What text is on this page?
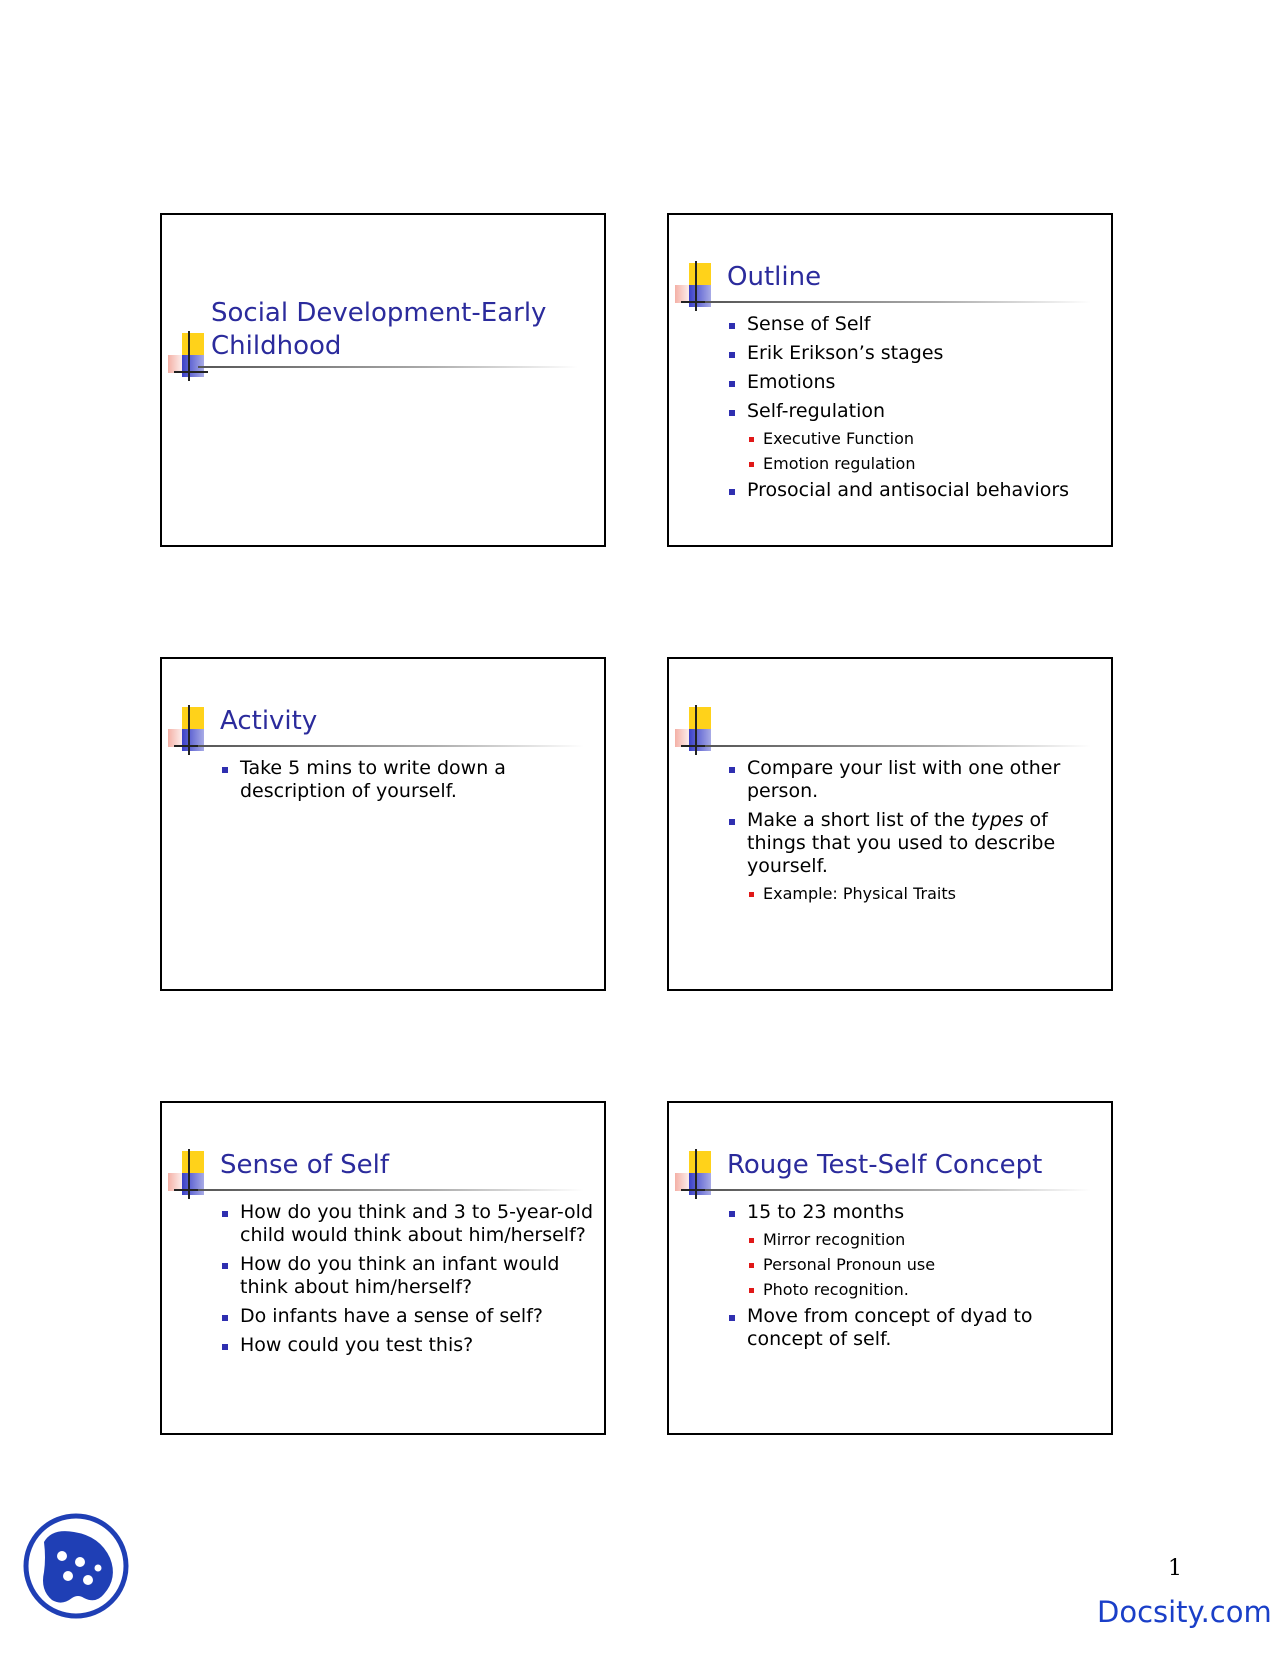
Social Development-Early
Childhood
Outline
Sense of Self
Erik Erikson’s stages
Emotions
Self-regulation
Executive Function
Emotion regulation
Prosocial and antisocial behaviors
Activity
Take 5 mins to write down a description of yourself.
Compare your list with one other person.
Make a short list of the types of things that you used to describe yourself.
Example: Physical Traits
Sense of Self
How do you think and 3 to 5-year-old child would think about him/herself?
How do you think an infant would think about him/herself?
Do infants have a sense of self?
How could you test this?
Rouge Test-Self Concept
15 to 23 months
Mirror recognition
Personal Pronoun use
Photo recognition.
Move from concept of dyad to concept of self.
1
Docsity.com
